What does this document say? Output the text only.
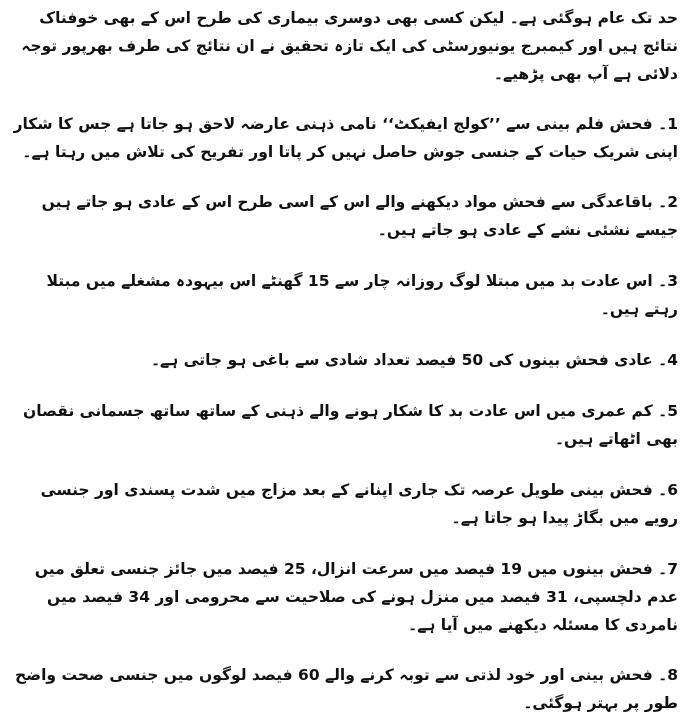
حد تک عام ہوگئی ہے۔ لیکن کسی بھی دوسری بیماری کی طرح اس کے بھی خوفناک نتائج ہیں اور کیمبرج یونیورسٹی کی ایک تازہ تحقیق نے ان نتائج کی طرف بھرپور توجہ دلائی ہے آپ بھی پڑھیے۔

1۔ فحش فلم بینی سے ’’کولج ایفیکٹ‘‘ نامی ذہنی عارضہ لاحق ہو جاتا ہے جس کا شکار اپنی شریک حیات کے جنسی جوش حاصل نہیں کر پاتا اور تفریح کی تلاش میں رہتا ہے۔

2۔ باقاعدگی سے فحش مواد دیکھنے والے اس کے اسی طرح اس کے عادی ہو جاتے ہیں جیسے نشئی نشے کے عادی ہو جاتے ہیں۔

3۔ اس عادت بد میں مبتلا لوگ روزانہ چار سے 15 گھنٹے اس بیہودہ مشغلے میں مبتلا رہتے ہیں۔

4۔ عادی فحش بینوں کی 50 فیصد تعداد شادی سے باغی ہو جاتی ہے۔

5۔ کم عمری میں اس عادت بد کا شکار ہونے والے ذہنی کے ساتھ ساتھ جسمانی نقصان بھی اٹھاتے ہیں۔

6۔ فحش بینی طویل عرصہ تک جاری اپنانے کے بعد مزاج میں شدت پسندی اور جنسی رویے میں بگاڑ پیدا ہو جاتا ہے۔

7۔ فحش بینوں میں 19 فیصد میں سرعت انزال، 25 فیصد میں جائز جنسی تعلق میں عدم دلچسپی، 31 فیصد میں منزل ہونے کی صلاحیت سے محرومی اور 34 فیصد میں نامردی کا مسئلہ دیکھنے میں آیا ہے۔

8۔ فحش بینی اور خود لذتی سے توبہ کرنے والے 60 فیصد لوگوں میں جنسی صحت واضح طور پر بہتر ہوگئی۔
